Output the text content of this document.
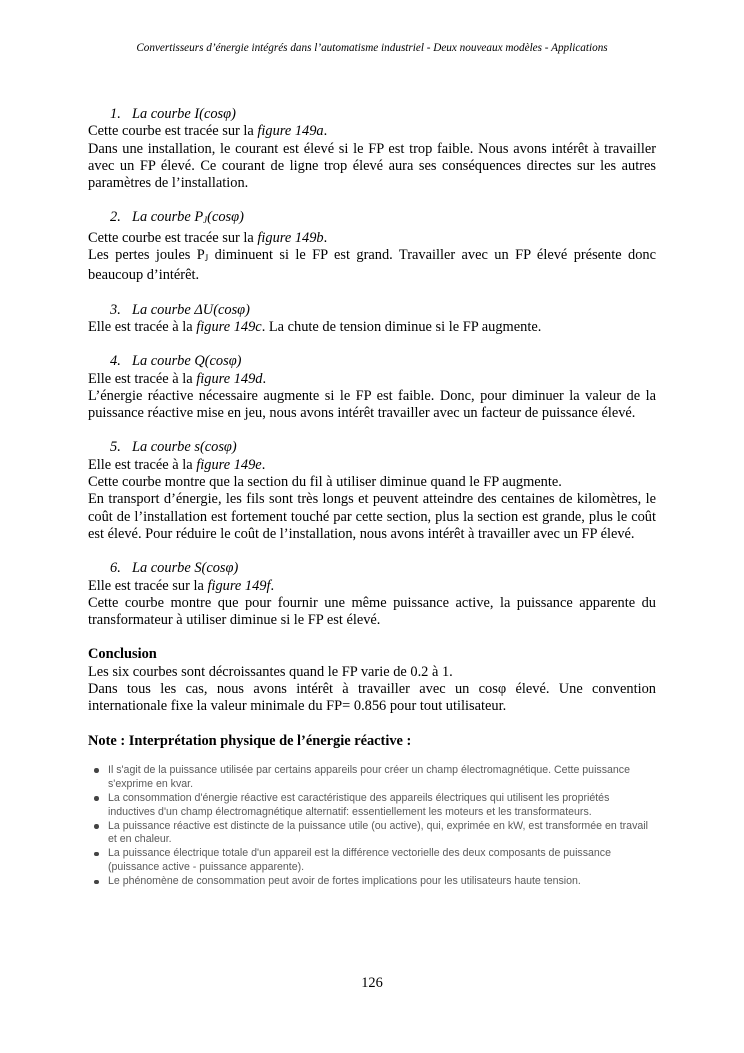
Convertisseurs d’énergie intégrés dans l’automatisme industriel - Deux nouveaux modèles - Applications

1. La courbe I(cosφ)

Cette courbe est tracée sur la figure 149a.

Dans une installation, le courant est élevé si le FP est trop faible. Nous avons intérêt à travailler avec un FP élevé. Ce courant de ligne trop élevé aura ses conséquences directes sur les autres paramètres de l’installation.

2. La courbe $P_J(\cos\varphi)$

Cette courbe est tracée sur la figure 149b.

Les pertes joules $P_J$ diminuent si le FP est grand. Travailler avec un FP élevé présente donc beaucoup d’intérêt.

3. La courbe ΔU(cosφ)

Elle est tracée à la figure 149c. La chute de tension diminue si le FP augmente.

4. La courbe Q(cosφ)

Elle est tracée à la figure 149d.

L’énergie réactive nécessaire augmente si le FP est faible. Donc, pour diminuer la valeur de la puissance réactive mise en jeu, nous avons intérêt travailler avec un facteur de puissance élevé.

5. La courbe s(cosφ)

Elle est tracée à la figure 149e.

Cette courbe montre que la section du fil à utiliser diminue quand le FP augmente.

En transport d’énergie, les fils sont très longs et peuvent atteindre des centaines de kilomètres, le coût de l’installation est fortement touché par cette section, plus la section est grande, plus le coût est élevé. Pour réduire le coût de l’installation, nous avons intérêt à travailler avec un FP élevé.

6. La courbe S(cosφ)

Elle est tracée sur la figure 149f.

Cette courbe montre que pour fournir une même puissance active, la puissance apparente du transformateur à utiliser diminue si le FP est élevé.

Conclusion

Les six courbes sont décroissantes quand le FP varie de 0.2 à 1.

Dans tous les cas, nous avons intérêt à travailler avec un cosφ élevé. Une convention internationale fixe la valeur minimale du FP= 0.856 pour tout utilisateur.

Note : Interprétation physique de l’énergie réactive :

Il s'agit de la puissance utilisée par certains appareils pour créer un champ électromagnétique. Cette puissance s'exprime en kvar.
La consommation d'énergie réactive est caractéristique des appareils électriques qui utilisent les propriétés inductives d'un champ électromagnétique alternatif: essentiellement les moteurs et les transformateurs.
La puissance réactive est distincte de la puissance utile (ou active), qui, exprimée en kW, est transformée en travail et en chaleur.
La puissance électrique totale d'un appareil est la différence vectorielle des deux composants de puissance (puissance active - puissance apparente).
Le phénomène de consommation peut avoir de fortes implications pour les utilisateurs haute tension.
126
